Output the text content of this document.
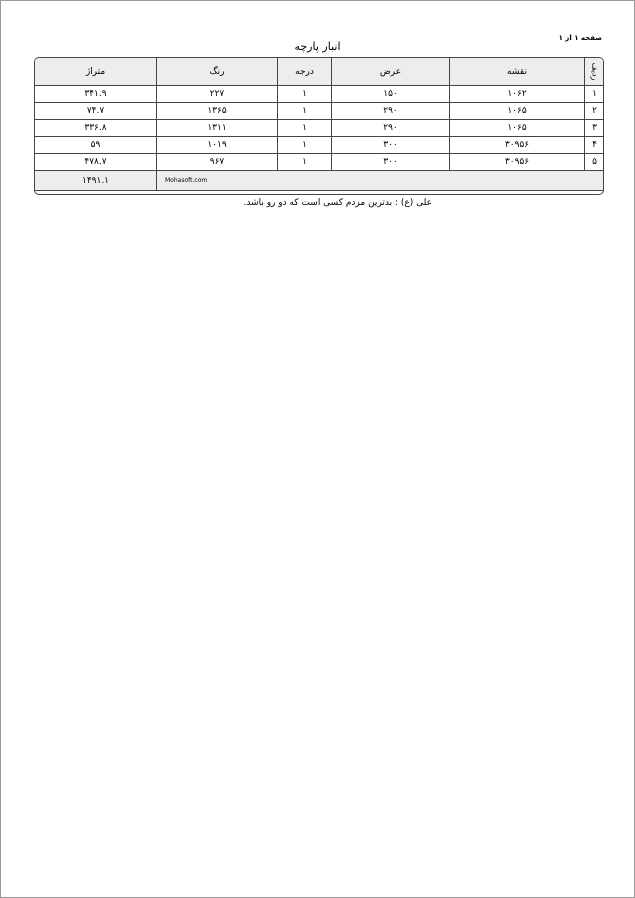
صفحه ۱ از ۱
انبار پارچه
ردیف	نقشه	عرض	درجه	رنگ	متراژ
۱	۱۰۶۲	۱۵۰	۱	۲۲۷	۳۴۱.۹
۲	۱۰۶۵	۲۹۰	۱	۱۳۶۵	۷۴.۷
۳	۱۰۶۵	۲۹۰	۱	۱۳۱۱	۳۳۶.۸
۴	۳۰۹۵۶	۳۰۰	۱	۱۰۱۹	۵۹
۵	۳۰۹۵۶	۳۰۰	۱	۹۶۷	۴۷۸.۷
Mohasoft.com					۱۴۹۱.۱
علی (ع) : بدترین مردم کسی است که دو رو باشد.
